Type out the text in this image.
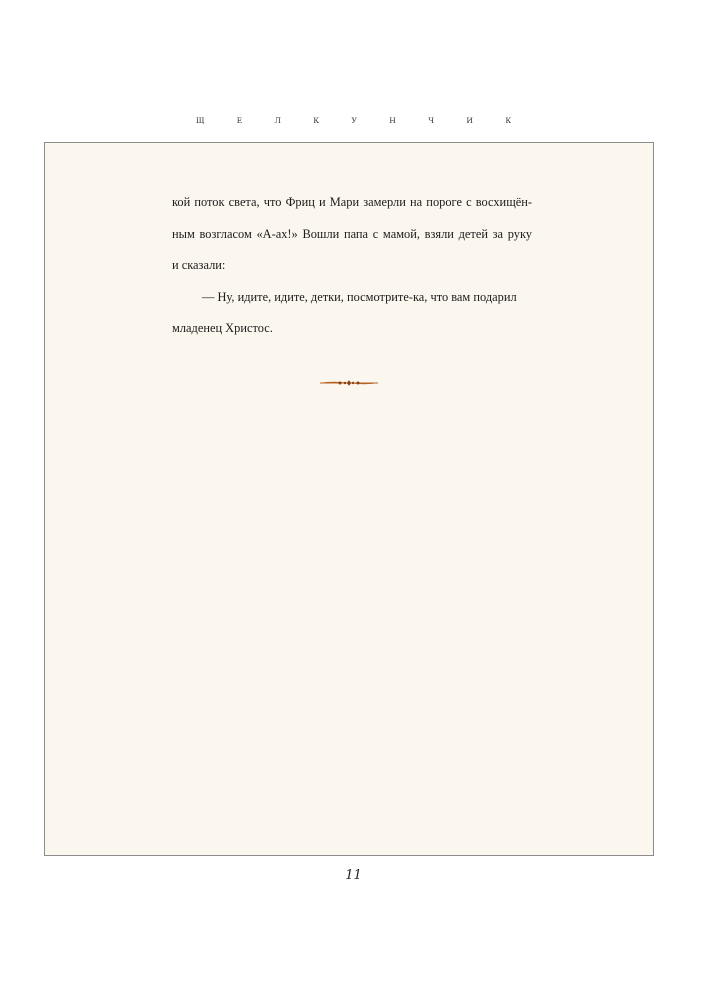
Щ Е Л К У Н Ч И К
кой поток света, что Фриц и Мари замерли на пороге с восхищён-
ным возгласом «А-ах!» Вошли папа с мамой, взяли детей за руку
и сказали:
— Ну, идите, идите, детки, посмотрите-ка, что вам подарил
младенец Христос.
11
